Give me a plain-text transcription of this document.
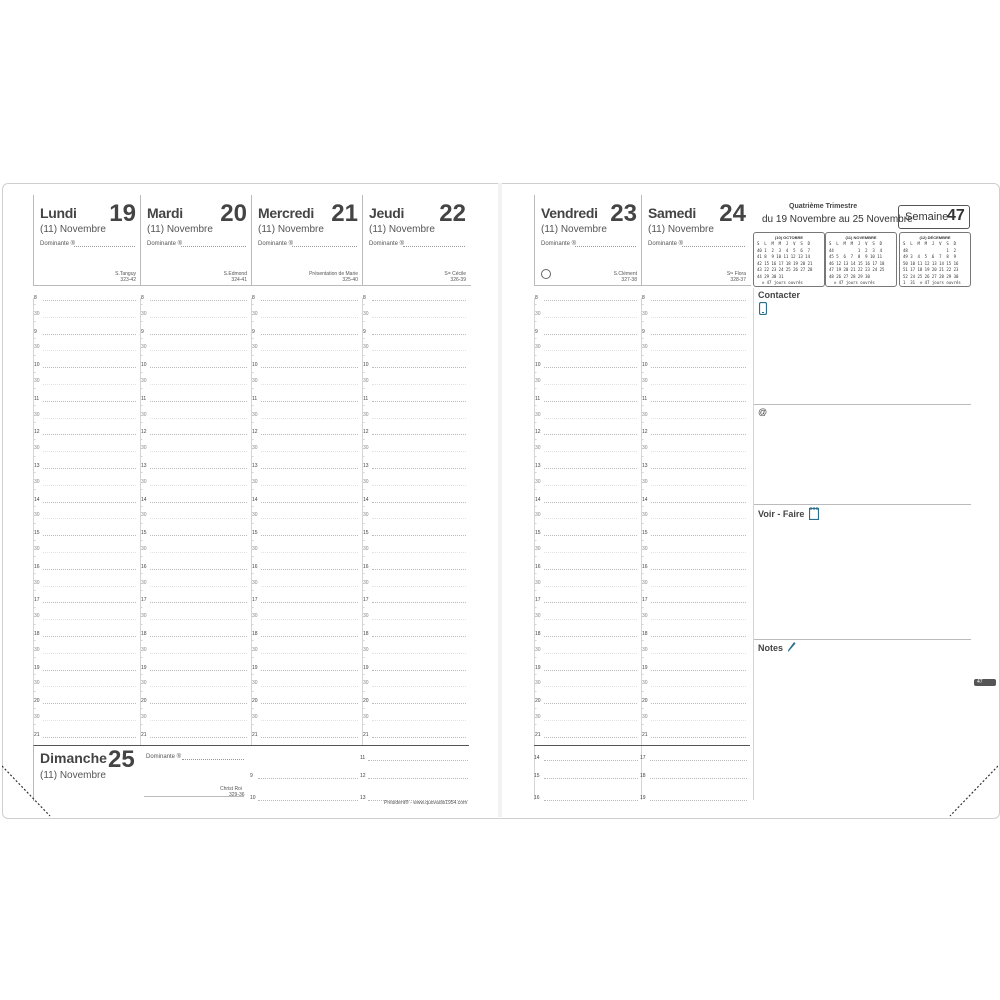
Lundi 19
(11) Novembre
Dominante ®
S.Tanguy
323-42
Mardi 20
(11) Novembre
Dominante ®
S.Edmond
324-41
Mercredi 21
(11) Novembre
Dominante ®
Présentation de Marie
325-40
Jeudi 22
(11) Novembre
Dominante ®
Sᵗᵉ Cécile
326-39
Vendredi 23
(11) Novembre
Dominante ®
S.Clément
327-38
Samedi 24
(11) Novembre
Dominante ®
Sᵗᵉ Flora
328-37
8
-
30
-
9
-
30
-
10
-
30
-
11
-
30
-
12
-
30
-
13
-
30
-
14
-
30
-
15
-
30
-
16
-
30
-
17
-
30
-
18
-
30
-
19
-
30
-
20
-
30
-
21
8
-
30
-
9
-
30
-
10
-
30
-
11
-
30
-
12
-
30
-
13
-
30
-
14
-
30
-
15
-
30
-
16
-
30
-
17
-
30
-
18
-
30
-
19
-
30
-
20
-
30
-
21
8
-
30
-
9
-
30
-
10
-
30
-
11
-
30
-
12
-
30
-
13
-
30
-
14
-
30
-
15
-
30
-
16
-
30
-
17
-
30
-
18
-
30
-
19
-
30
-
20
-
30
-
21
8
-
30
-
9
-
30
-
10
-
30
-
11
-
30
-
12
-
30
-
13
-
30
-
14
-
30
-
15
-
30
-
16
-
30
-
17
-
30
-
18
-
30
-
19
-
30
-
20
-
30
-
21
8
-
30
-
9
-
30
-
10
-
30
-
11
-
30
-
12
-
30
-
13
-
30
-
14
-
30
-
15
-
30
-
16
-
30
-
17
-
30
-
18
-
30
-
19
-
30
-
20
-
30
-
21
8
-
30
-
9
-
30
-
10
-
30
-
11
-
30
-
12
-
30
-
13
-
30
-
14
-
30
-
15
-
30
-
16
-
30
-
17
-
30
-
18
-
30
-
19
-
30
-
20
-
30
-
21
Dimanche 25
(11) Novembre
Dominante ®
Christ Roi
329-36
9
10
11
12
13
14
15
16
17
18
19
Quatrième Trimestre
du 19 Novembre au 25 Novembre
Semaine
47
(10) OCTOBRE
S  L  M  M  J  V  S  D
40 1  2  3  4  5  6  7
41 8  9 10 11 12 13 14
42 15 16 17 18 19 20 21
43 22 23 24 25 26 27 28
44 29 30 31
⊙ 47 jours ouvrés
(11) NOVEMBRE
S  L  M  M  J  V  S  D
44          1  2  3  4
45 5  6  7  8  9 10 11
46 12 13 14 15 16 17 18
47 19 20 21 22 23 24 25
48 26 27 28 29 30
⊙ 47 jours ouvrés
(12) DÉCEMBRE
S  L  M  M  J  V  S  D
48                1  2
49 3  4  5  6  7  8  9
50 10 11 12 13 14 15 16
51 17 18 19 20 21 22 23
52 24 25 26 27 28 29 30
1  31  ⊙ 47 jours ouvrés
Contacter
@
Voir - Faire
Notes
47
Président® - www.quovadis1954.com
